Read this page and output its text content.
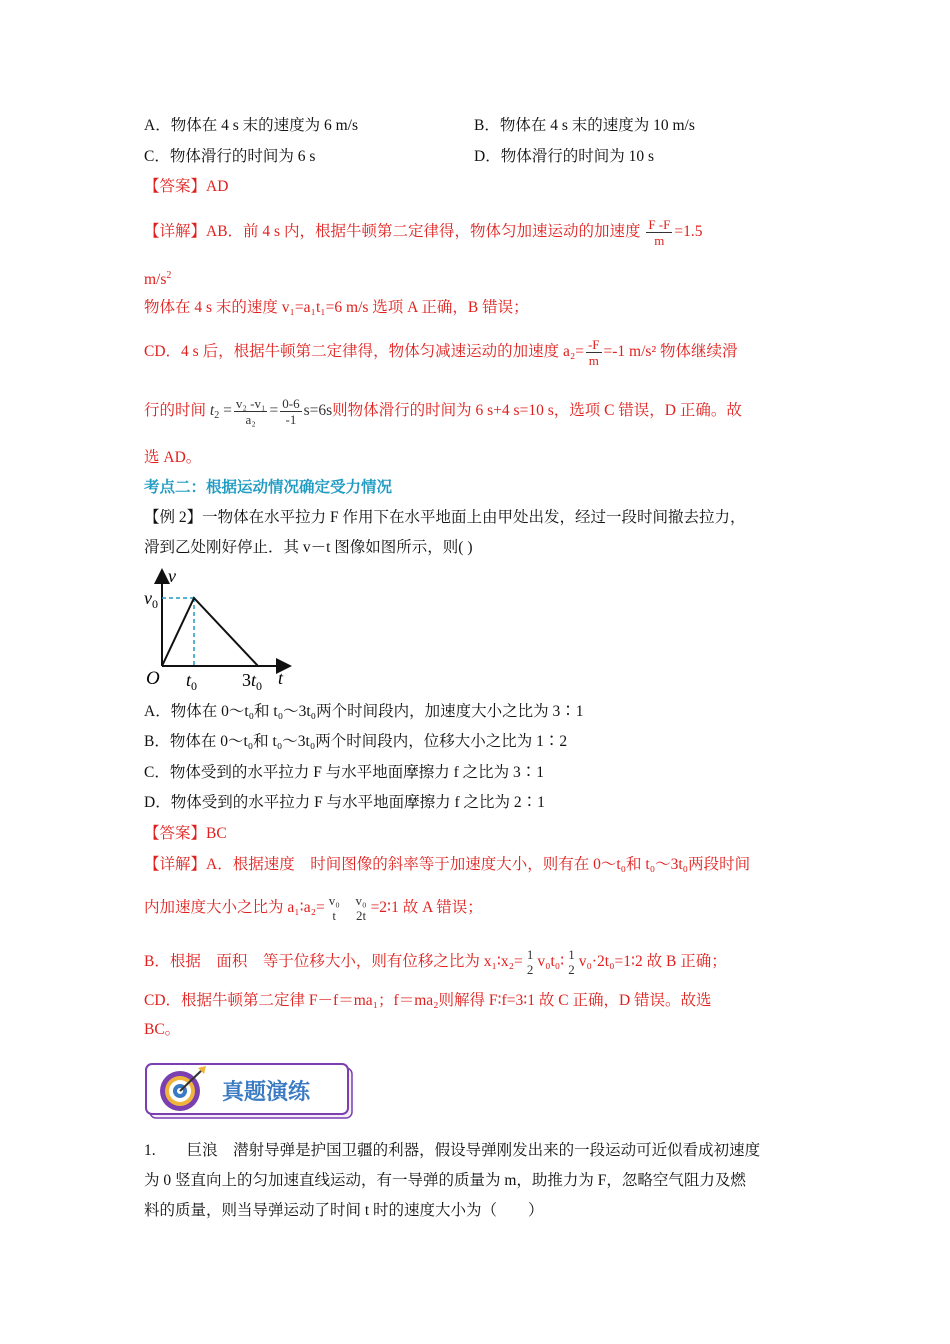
A．物体在 4 s 末的速度为 6 m/s	B．物体在 4 s 末的速度为 10 m/s
C．物体滑行的时间为 6 s	D．物体滑行的时间为 10 s
【答案】AD
【详解】AB．前 4 s 内，根据牛顿第二定律得，物体匀加速运动的加速度 $\frac{F -F}{m} =1.5$
$m/s^2$
物体在 4 s 末的速度 v₁=a₁t₁=6 m/s 选项 A 正确，B 错误；
CD．4 s 后，根据牛顿第二定律得，物体匀减速运动的加速度 $a_2= \frac{-F}{m} =-1$ m/s² 物体继续滑
行的时间 $t_2 = \frac{\text{v₂ -v₁}}{\text{a₂}} = \frac{0-6}{-1} s=6s$则物体滑行的时间为 6 s+4 s=10 s，选项 C 错误，D 正确。故
选 AD。
考点二：根据运动情况确定受力情况
【例 2】一物体在水平拉力 F 作用下在水平地面上由甲处出发，经过一段时间撤去拉力，
滑到乙处刚好停止．其 v－t 图像如图所示，则( )
v
$v_0$
O $t_0$ $3t_0$ t
A．物体在 0～t₀和 t₀～3t₀两个时间段内，加速度大小之比为 3∶1
B．物体在 0～t₀和 t₀～3t₀两个时间段内，位移大小之比为 1∶2
C．物体受到的水平拉力 F 与水平地面摩擦力 f 之比为 3∶1
D．物体受到的水平拉力 F 与水平地面摩擦力 f 之比为 2∶1
【答案】BC
【详解】A．根据速度　时间图像的斜率等于加速度大小，则有在 0～t₀和 t₀～3t₀两段时间
内加速度大小之比为 a₁∶a₂= v₀
t

v₀
2t =2∶1 故 A 错误；
B．根据　面积　等于位移大小，则有位移之比为 x₁∶x₂= 1
2 v₀t₀∶ 1
2 v₀·2t₀=1∶2 故 B 正确；
CD．根据牛顿第二定律 F－f＝ma₁；f＝ma₂则解得 F∶f=3∶1 故 C 正确，D 错误。故选
BC。
真题演练
1.　　巨浪　潜射导弹是护国卫疆的利器，假设导弹刚发出来的一段运动可近似看成初速度
为 0 竖直向上的匀加速直线运动，有一导弹的质量为 m，助推力为 F，忽略空气阻力及燃
料的质量，则当导弹运动了时间 t 时的速度大小为（　　）
